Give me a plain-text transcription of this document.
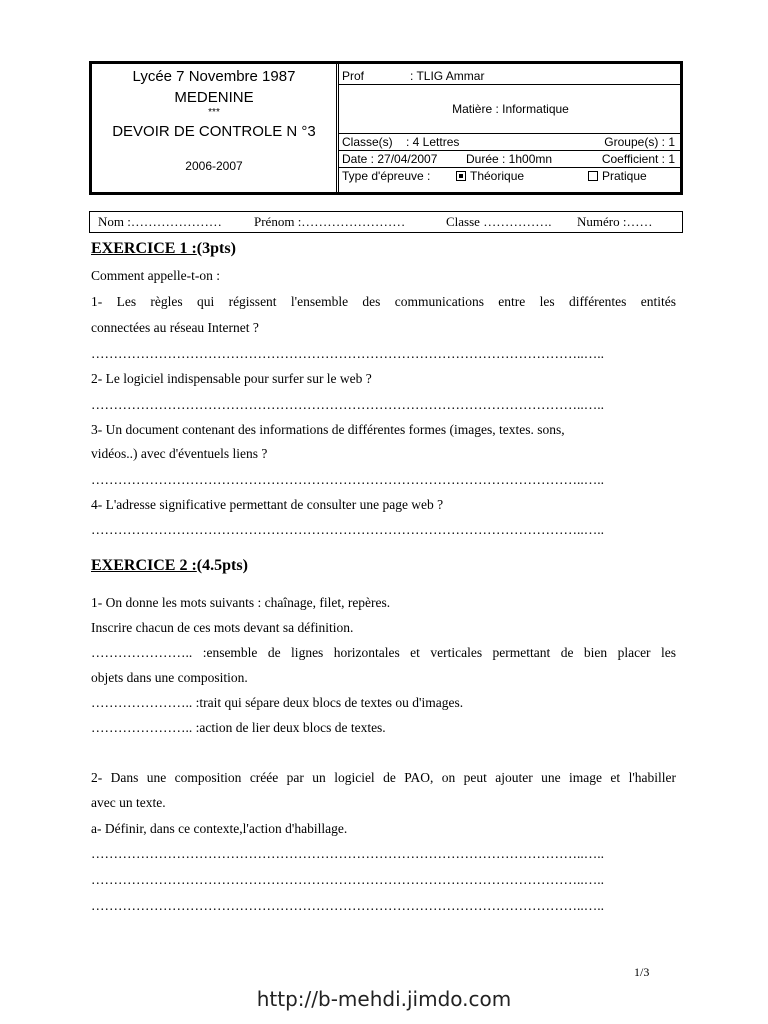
Lycée 7 Novembre 1987
MEDENINE
***
DEVOIR DE CONTROLE N °3
2006-2007
Prof	: TLIG Ammar
Matière : Informatique
Classe(s) : 4 Lettres	Groupe(s) : 1
Date : 27/04/2007 Durée : 1h00mn	Coefficient : 1
Type d'épreuve :	Théorique	Pratique
Nom :………………… Prénom :……………………	Classe ……………. Numéro :……
EXERCICE 1 :(3pts)
Comment appelle-t-on :
1- Les règles qui régissent l'ensemble des communications entre les différentes entités
connectées au réseau Internet ?
………………………………………………………………………………………………..…..
2- Le logiciel indispensable pour surfer sur le web ?
………………………………………………………………………………………………..…..
3- Un document contenant des informations de différentes formes (images, textes. sons,
vidéos..) avec d'éventuels liens ?
………………………………………………………………………………………………..…..
4- L'adresse significative permettant de consulter une page web ?
………………………………………………………………………………………………..…..
EXERCICE 2 :(4.5pts)
1- On donne les mots suivants : chaînage, filet, repères.
Inscrire chacun de ces mots devant sa définition.
………………….. :ensemble de lignes horizontales et verticales permettant de bien placer les
objets dans une composition.
………………….. :trait qui sépare deux blocs de textes ou d'images.
………………….. :action de lier deux blocs de textes.
2- Dans une composition créée par un logiciel de PAO, on peut ajouter une image et l'habiller
avec un texte.
a- Définir, dans ce contexte,l'action d'habillage.
………………………………………………………………………………………………..…..
………………………………………………………………………………………………..…..
………………………………………………………………………………………………..…..
1/3
http://b-mehdi.jimdo.com
